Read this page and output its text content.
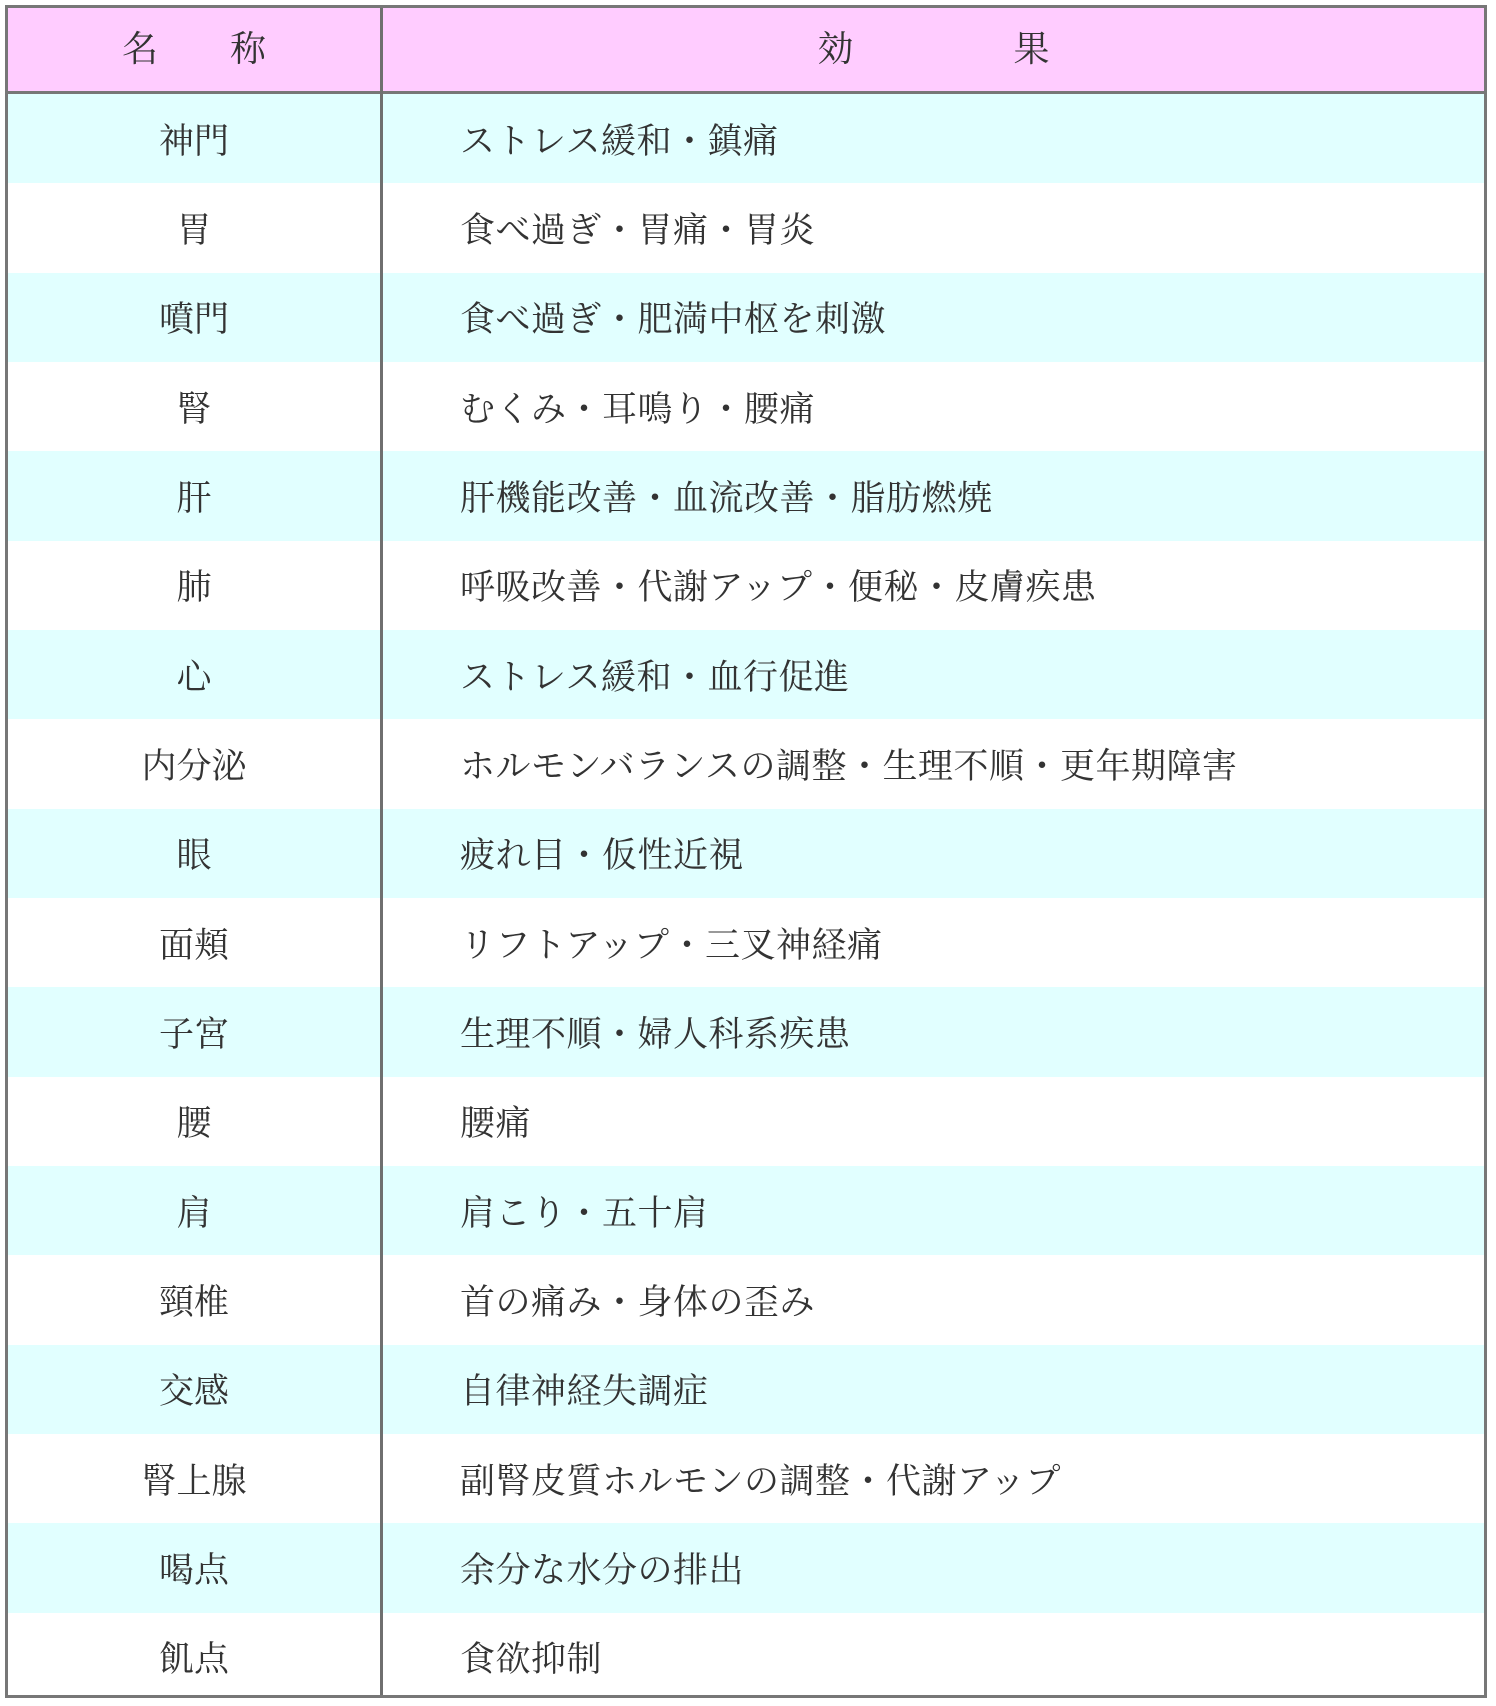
名称	効果
神門	ストレス緩和・鎮痛
胃	食べ過ぎ・胃痛・胃炎
噴門	食べ過ぎ・肥満中枢を刺激
腎	むくみ・耳鳴り・腰痛
肝	肝機能改善・血流改善・脂肪燃焼
肺	呼吸改善・代謝アップ・便秘・皮膚疾患
心	ストレス緩和・血行促進
内分泌	ホルモンバランスの調整・生理不順・更年期障害
眼	疲れ目・仮性近視
面頬	リフトアップ・三叉神経痛
子宮	生理不順・婦人科系疾患
腰	腰痛
肩	肩こり・五十肩
頸椎	首の痛み・身体の歪み
交感	自律神経失調症
腎上腺	副腎皮質ホルモンの調整・代謝アップ
喝点	余分な水分の排出
飢点	食欲抑制
